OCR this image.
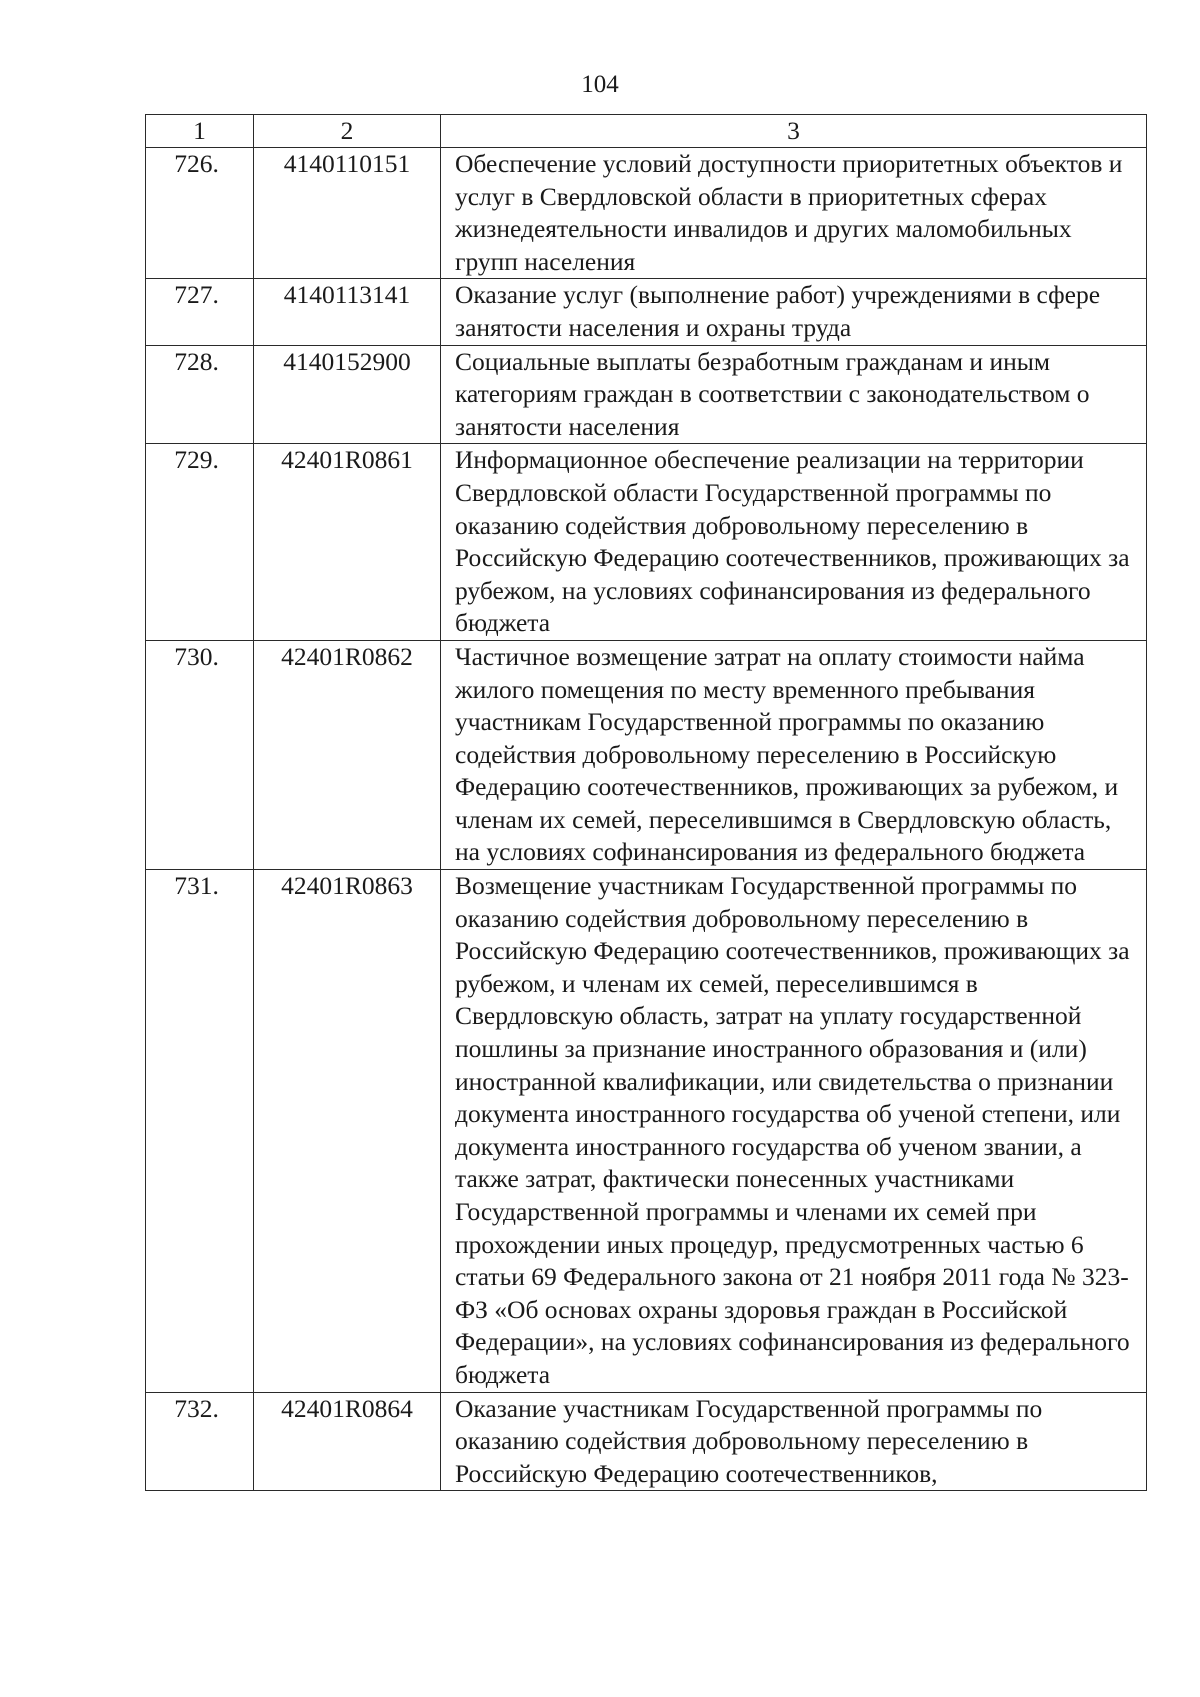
104
1	2	3
726.	4140110151	Обеспечение условий доступности приоритетных объектов и услуг в Свердловской области в приоритетных сферах жизнедеятельности инвалидов и других маломобильных групп населения
727.	4140113141	Оказание услуг (выполнение работ) учреждениями в сфере занятости населения и охраны труда
728.	4140152900	Социальные выплаты безработным гражданам и иным категориям граждан в соответствии с законодательством о занятости населения
729.	42401R0861	Информационное обеспечение реализации на территории Свердловской области Государственной программы по оказанию содействия добровольному переселению в Российскую Федерацию соотечественников, проживающих за рубежом, на условиях софинансирования из федерального бюджета
730.	42401R0862	Частичное возмещение затрат на оплату стоимости найма жилого помещения по месту временного пребывания участникам Государственной программы по оказанию содействия добровольному переселению в Российскую Федерацию соотечественников, проживающих за рубежом, и членам их семей, переселившимся в Свердловскую область, на условиях софинансирования из федерального бюджета
731.	42401R0863	Возмещение участникам Государственной программы по оказанию содействия добровольному переселению в Российскую Федерацию соотечественников, проживающих за рубежом, и членам их семей, переселившимся в Свердловскую область, затрат на уплату государственной пошлины за признание иностранного образования и (или) иностранной квалификации, или свидетельства о признании документа иностранного государства об ученой степени, или документа иностранного государства об ученом звании, а также затрат, фактически понесенных участниками Государственной программы и членами их семей при прохождении иных процедур, предусмотренных частью 6 статьи 69 Федерального закона от 21 ноября 2011 года № 323-ФЗ «Об основах охраны здоровья граждан в Российской Федерации», на условиях софинансирования из федерального бюджета
732.	42401R0864	Оказание участникам Государственной программы по оказанию содействия добровольному переселению в Российскую Федерацию соотечественников,
